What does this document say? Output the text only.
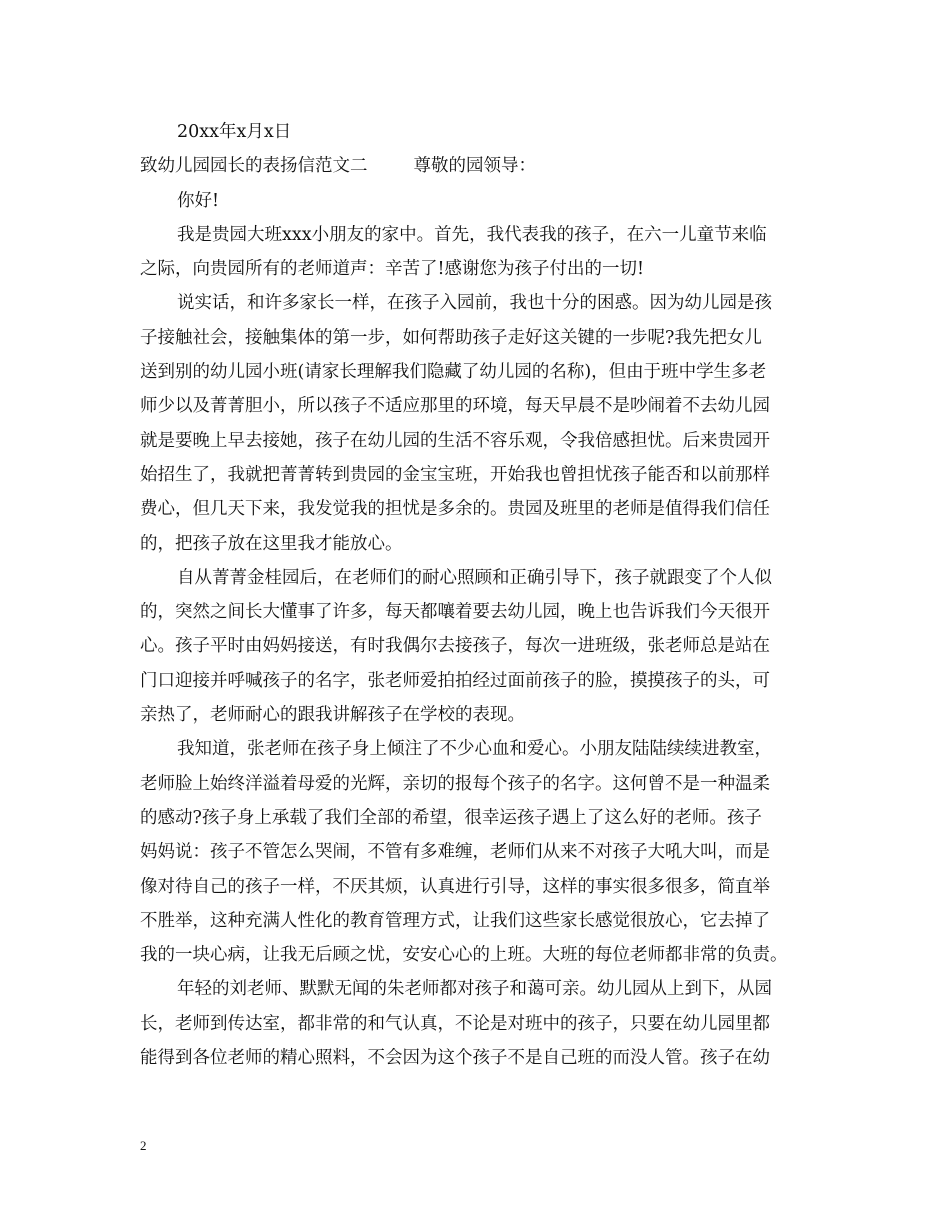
20xx年x月x日
致幼儿园园长的表扬信范文二	尊敬的园领导：
你好!
我是贵园大班xxx小朋友的家中。首先，我代表我的孩子，在六一儿童节来临
之际，向贵园所有的老师道声：辛苦了!感谢您为孩子付出的一切!
说实话，和许多家长一样，在孩子入园前，我也十分的困惑。因为幼儿园是孩
子接触社会，接触集体的第一步，如何帮助孩子走好这关键的一步呢?我先把女儿
送到别的幼儿园小班(请家长理解我们隐藏了幼儿园的名称)，但由于班中学生多老
师少以及菁菁胆小，所以孩子不适应那里的环境，每天早晨不是吵闹着不去幼儿园
就是要晚上早去接她，孩子在幼儿园的生活不容乐观，令我倍感担忧。后来贵园开
始招生了，我就把菁菁转到贵园的金宝宝班，开始我也曾担忧孩子能否和以前那样
费心，但几天下来，我发觉我的担忧是多余的。贵园及班里的老师是值得我们信任
的，把孩子放在这里我才能放心。
自从菁菁金桂园后，在老师们的耐心照顾和正确引导下，孩子就跟变了个人似
的，突然之间长大懂事了许多，每天都嚷着要去幼儿园，晚上也告诉我们今天很开
心。孩子平时由妈妈接送，有时我偶尔去接孩子，每次一进班级，张老师总是站在
门口迎接并呼喊孩子的名字，张老师爱拍拍经过面前孩子的脸，摸摸孩子的头，可
亲热了，老师耐心的跟我讲解孩子在学校的表现。
我知道，张老师在孩子身上倾注了不少心血和爱心。小朋友陆陆续续进教室，
老师脸上始终洋溢着母爱的光辉，亲切的报每个孩子的名字。这何曾不是一种温柔
的感动?孩子身上承载了我们全部的希望，很幸运孩子遇上了这么好的老师。孩子
妈妈说：孩子不管怎么哭闹，不管有多难缠，老师们从来不对孩子大吼大叫，而是
像对待自己的孩子一样，不厌其烦，认真进行引导，这样的事实很多很多，简直举
不胜举，这种充满人性化的教育管理方式，让我们这些家长感觉很放心，它去掉了
我的一块心病，让我无后顾之忧，安安心心的上班。大班的每位老师都非常的负责。
年轻的刘老师、默默无闻的朱老师都对孩子和蔼可亲。幼儿园从上到下，从园
长，老师到传达室，都非常的和气认真，不论是对班中的孩子，只要在幼儿园里都
能得到各位老师的精心照料，不会因为这个孩子不是自己班的而没人管。孩子在幼
2
